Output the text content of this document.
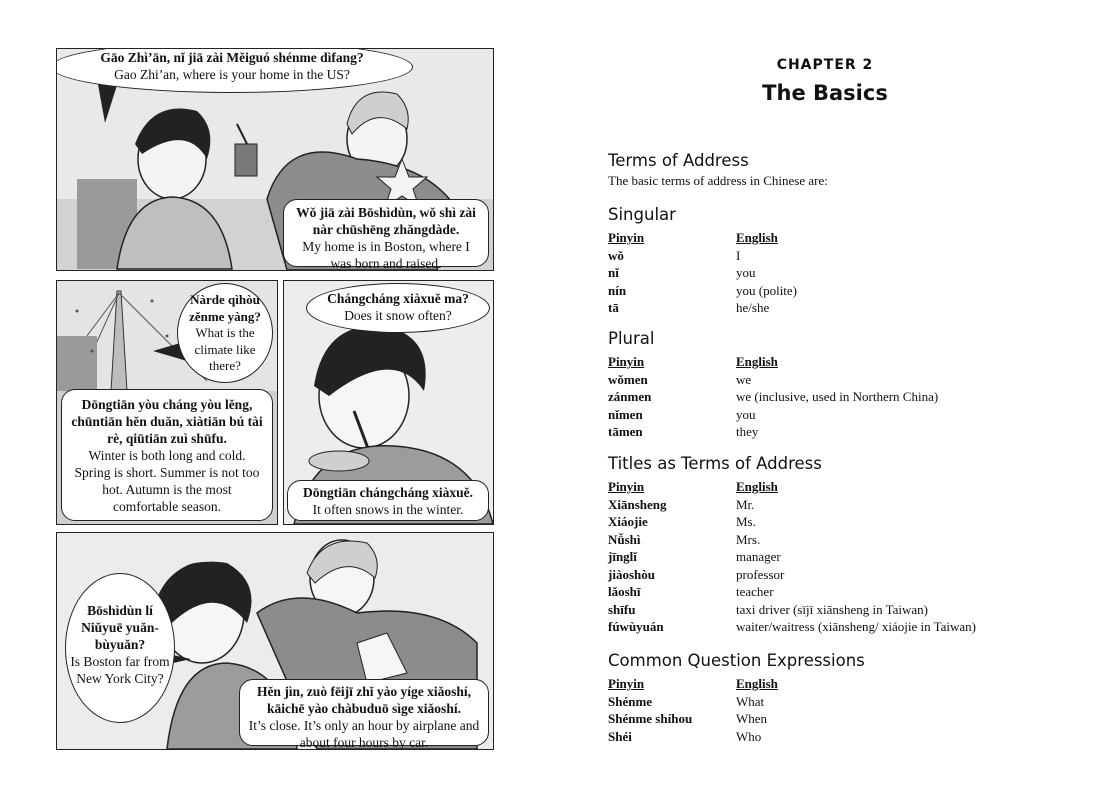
Gāo Zhì’ān, nǐ jiā zài Měiguó shénme dìfang?
Gao Zhi’an, where is your home in the US?
Wǒ jiā zài Bōshìdùn, wǒ shì zài nàr chūshēng zhǎngdàde.
My home is in Boston, where I was born and raised.
Nàrde qìhòu zěnme yàng?
What is the climate like there?
Dōngtiān yòu cháng yòu lěng, chūntiān hěn duǎn, xiàtiān bú tài rè, qiūtiān zuì shūfu.
Winter is both long and cold. Spring is short. Summer is not too hot. Autumn is the most comfortable season.
Chángcháng xiàxuě ma?
Does it snow often?
Dōngtiān chángcháng xiàxuě.
It often snows in the winter.
Bōshìdùn lí Niǔyuē yuǎn-bùyuǎn?
Is Boston far from New York City?
Hěn jìn, zuò fēijī zhǐ yào yíge xiǎoshí, kāichē yào chàbuduō sìge xiǎoshí.
It’s close. It’s only an hour by airplane and about four hours by car.
CHAPTER 2
The Basics
Terms of Address
The basic terms of address in Chinese are:
Singular
Pinyin	English
wǒ	I
nǐ	you
nín	you (polite)
tā	he/she
Plural
Pinyin	English
wǒmen	we
zánmen	we (inclusive, used in Northern China)
nǐmen	you
tāmen	they
Titles as Terms of Address
Pinyin	English
Xiānsheng	Mr.
Xiáojie	Ms.
Nǚshì	Mrs.
jīnglǐ	manager
jiàoshòu	professor
lǎoshī	teacher
shīfu	taxi driver (sījī xiānsheng in Taiwan)
fúwùyuán	waiter/waitress (xiānsheng/ xiáojie in Taiwan)
Common Question Expressions
Pinyin	English
Shénme	What
Shénme shíhou	When
Shéi	Who
